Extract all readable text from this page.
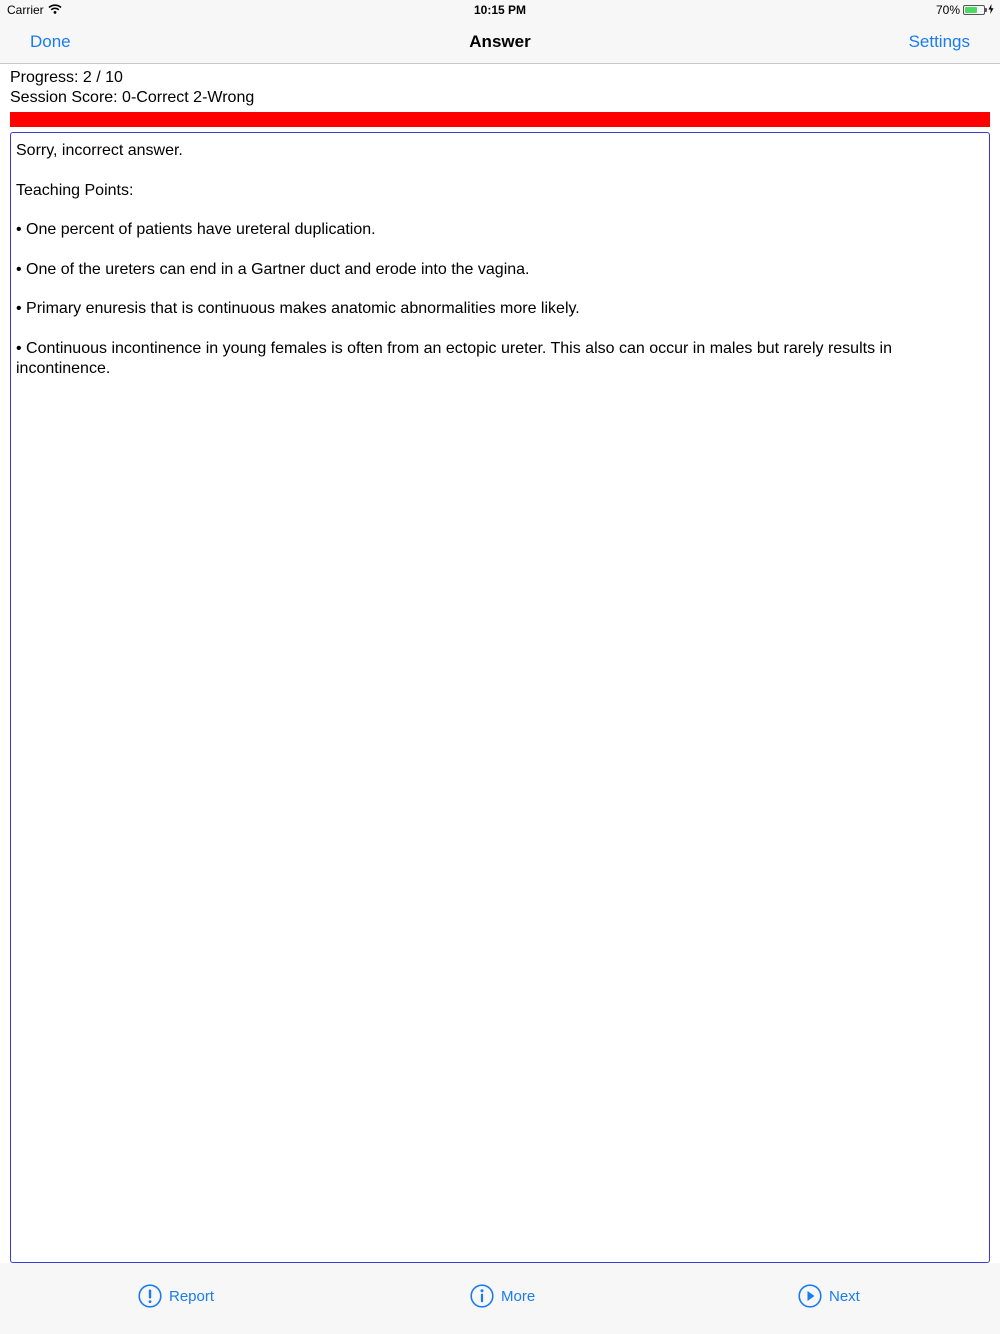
Carrier	10:15 PM	70%
Done	Answer	Settings
Progress: 2 / 10
Session Score: 0-Correct 2-Wrong

Sorry, incorrect answer.

Teaching Points:

• One percent of patients have ureteral duplication.

• One of the ureters can end in a Gartner duct and erode into the vagina.

• Primary enuresis that is continuous makes anatomic abnormalities more likely.

• Continuous incontinence in young females is often from an ectopic ureter. This also can occur in males but rarely results in incontinence.

Report	More	Next
